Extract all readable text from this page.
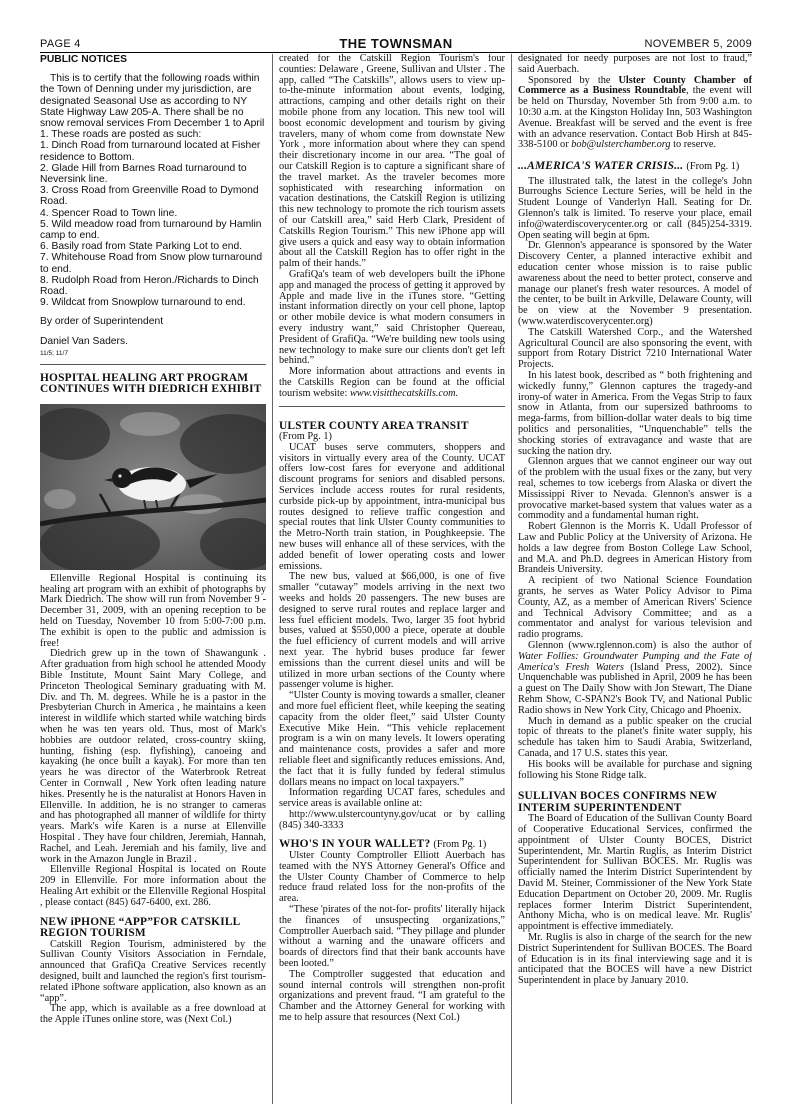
PAGE 4	THE TOWNSMAN	NOVEMBER 5, 2009

PUBLIC NOTICES

This is to certify that the following roads within the Town of Denning under my jurisdiction, are designated Seasonal Use as according to NY State Highway Law 205-A. There shall be no snow removal services From December 1 to April 1. These roads are posted as such:

1. Dinch Road from turnaround located at Fisher residence to Bottom.

2. Glade Hill from Barnes Road turnaround to Neversink line.

3. Cross Road from Greenville Road to Dymond Road.

4. Spencer Road to Town line.

5. Wild meadow road from turnaround by Hamlin camp to end.

6. Basily road from State Parking Lot to end.

7. Whitehouse Road from Snow plow turnaround to end.

8. Rudolph Road from Heron./Richards to Dinch Road.

9. Wildcat from Snowplow turnaround to end.

By order of Superintendent

Daniel Van Saders.

11/5; 11/7

HOSPITAL HEALING ART PROGRAM CONTINUES WITH DIEDRICH EXHIBIT

Ellenville Regional Hospital is continuing its healing art program with an exhibit of photographs by Mark Diedrich. The show will run from November 9 - December 31, 2009, with an opening reception to be held on Tuesday, November 10 from 5:00-7:00 p.m. The exhibit is open to the public and admission is free!

Diedrich grew up in the town of Shawangunk . After graduation from high school he attended Moody Bible Institute, Mount Saint Mary College, and Princeton Theological Seminary graduating with M. Div. and Th. M. degrees. While he is a pastor in the Presbyterian Church in America , he maintains a keen interest in wildlife which started while watching birds when he was ten years old. Thus, most of Mark's hobbies are outdoor related, cross-country skiing, hunting, fishing (esp. flyfishing), canoeing and kayaking (he once built a kayak). For more than ten years he was director of the Waterbrook Retreat Center in Cornwall , New York often leading nature hikes. Presently he is the naturalist at Honors Haven in Ellenville. In addition, he is no stranger to cameras and has photographed all manner of wildlife for thirty years. Mark's wife Karen is a nurse at Ellenville Hospital . They have four children, Jeremiah, Hannah, Rachel, and Leah. Jeremiah and his family, live and work in the Amazon Jungle in Brazil .

Ellenville Regional Hospital is located on Route 209 in Ellenville. For more information about the Healing Art exhibit or the Ellenville Regional Hospital , please contact (845) 647-6400, ext. 286.

NEW iPHONE “APP”FOR CATSKILL REGION TOURISM

Catskill Region Tourism, administered by the Sullivan County Visitors Association in Ferndale, announced that GrafiQa Creative Services recently designed, built and launched the region's first tourism-related iPhone software application, also known as an “app”.

The app, which is available as a free download at the Apple iTunes online store, was (Next Col.)

created for the Catskill Region Tourism's four counties: Delaware , Greene, Sullivan and Ulster . The app, called “The Catskills”, allows users to view up-to-the-minute information about events, lodging, attractions, camping and other details right on their mobile phone from any location. This new tool will boost economic development and tourism by giving travelers, many of whom come from downstate New York , more information about where they can spend their discretionary income in our area. “The goal of our Catskill Region is to capture a significant share of the travel market. As the traveler becomes more sophisticated with researching information on vacation destinations, the Catskill Region is utilizing this new technology to promote the rich tourism assets of our Catskill area,” said Herb Clark, President of Catskills Region Tourism.” This new iPhone app will give users a quick and easy way to obtain information about all the Catskill Region has to offer right in the palm of their hands.”

GrafiQa's team of web developers built the iPhone app and managed the process of getting it approved by Apple and made live in the iTunes store. “Getting instant information directly on your cell phone, laptop or other mobile device is what modern consumers in every industry want,” said Christopher Quereau, President of GrafiQa. “We're building new tools using new technology to make sure our clients don't get left behind.”

More information about attractions and events in the Catskills Region can be found at the official tourism website: www.visitthecatskills.com.

ULSTER COUNTY AREA TRANSIT

(From Pg. 1)

UCAT buses serve commuters, shoppers and visitors in virtually every area of the County. UCAT offers low-cost fares for everyone and additional discount programs for seniors and disabled persons. Services include access routes for rural residents, curbside pick-up by appointment, intra-municipal bus routes designed to relieve traffic congestion and special routes that link Ulster County communities to the Metro-North train station, in Poughkeepsie. The new buses will enhance all of these services, with the added benefit of lower operating costs and lower emissions.

The new bus, valued at $66,000, is one of five smaller “cutaway” models arriving in the next two weeks and holds 20 passengers. The new buses are designed to serve rural routes and replace larger and less fuel efficient models. Two, larger 35 foot hybrid buses, valued at $550,000 a piece, operate at double the fuel efficiency of current models and will arrive next year. The hybrid buses produce far fewer emissions than the current diesel units and will be utilized in more urban sections of the County where passenger volume is higher.

“Ulster County is moving towards a smaller, cleaner and more fuel efficient fleet, while keeping the seating capacity from the older fleet,” said Ulster County Executive Mike Hein. “This vehicle replacement program is a win on many levels. It lowers operating and maintenance costs, provides a safer and more reliable fleet and significantly reduces emissions. And, the fact that it is fully funded by federal stimulus dollars means no impact on local taxpayers.”

Information regarding UCAT fares, schedules and service areas is available online at:

http://www.ulstercountyny.gov/ucat or by calling (845) 340-3333

WHO'S IN YOUR WALLET? (From Pg. 1)

Ulster County Comptroller Elliott Auerbach has teamed with the NYS Attorney General's Office and the Ulster County Chamber of Commerce to help reduce fraud related loss for the non-profits of the area.

“These 'pirates of the not-for- profits' literally hijack the finances of unsuspecting organizations,” Comptroller Auerbach said. “They pillage and plunder without a warning and the unaware officers and boards of directors find that their bank accounts have been looted.”

The Comptroller suggested that education and sound internal controls will strengthen non-profit organizations and prevent fraud. “I am grateful to the Chamber and the Attorney General for working with me to help assure that resources (Next Col.)

designated for needy purposes are not lost to fraud,” said Auerbach.

Sponsored by the Ulster County Chamber of Commerce as a Business Roundtable, the event will be held on Thursday, November 5th from 9:00 a.m. to 10:30 a.m. at the Kingston Holiday Inn, 503 Washington Avenue. Breakfast will be served and the event is free with an advance reservation. Contact Bob Hirsh at 845-338-5100 or bob@ulsterchamber.org to reserve.

...AMERICA'S WATER CRISIS... (From Pg. 1)

The illustrated talk, the latest in the college's John Burroughs Science Lecture Series, will be held in the Student Lounge of Vanderlyn Hall. Seating for Dr. Glennon's talk is limited. To reserve your place, email info@waterdiscoverycenter.org or call (845)254-3319. Open seating will begin at 6pm.

Dr. Glennon's appearance is sponsored by the Water Discovery Center, a planned interactive exhibit and education center whose mission is to raise public awareness about the need to better protect, conserve and manage our planet's fresh water resources. A model of the center, to be built in Arkville, Delaware County, will be on view at the November 9 presentation. (www.waterdiscoverycenter.org)

The Catskill Watershed Corp., and the Watershed Agricultural Council are also sponsoring the event, with support from Rotary District 7210 International Water Projects.

In his latest book, described as “ both frightening and wickedly funny,” Glennon captures the tragedy-and irony-of water in America. From the Vegas Strip to faux snow in Atlanta, from our supersized bathrooms to mega-farms, from billion-dollar water deals to big time politics and personalities, “Unquenchable” tells the shocking stories of extravagance and waste that are sucking the nation dry.

Glennon argues that we cannot engineer our way out of the problem with the usual fixes or the zany, but very real, schemes to tow icebergs from Alaska or divert the Mississippi River to Nevada. Glennon's answer is a provocative market-based system that values water as a commodity and a fundamental human right.

Robert Glennon is the Morris K. Udall Professor of Law and Public Policy at the University of Arizona. He holds a law degree from Boston College Law School, and M.A. and Ph.D. degrees in American History from Brandeis University.

A recipient of two National Science Foundation grants, he serves as Water Policy Advisor to Pima County, AZ, as a member of American Rivers' Science and Technical Advisory Committee; and as a commentator and analyst for various television and radio programs.

Glennon (www.rglennon.com) is also the author of Water Follies: Groundwater Pumping and the Fate of America's Fresh Waters (Island Press, 2002). Since Unquenchable was published in April, 2009 he has been a guest on The Daily Show with Jon Stewart, The Diane Rehm Show, C-SPAN2's Book TV, and National Public Radio shows in New York City, Chicago and Phoenix.

Much in demand as a public speaker on the crucial topic of threats to the planet's finite water supply, his schedule has taken him to Saudi Arabia, Switzerland, Canada, and 17 U.S. states this year.

His books will be available for purchase and signing following his Stone Ridge talk.

SULLIVAN BOCES CONFIRMS NEW INTERIM SUPERINTENDENT

The Board of Education of the Sullivan County Board of Cooperative Educational Services, confirmed the appointment of Ulster County BOCES, District Superintendent, Mr. Martin Ruglis, as Interim District Superintendent for Sullivan BOCES. Mr. Ruglis was officially named the Interim District Superintendent by David M. Steiner, Commissioner of the New York State Education Department on October 20, 2009. Mr. Ruglis replaces former Interim District Superintendent, Anthony Micha, who is on medical leave. Mr. Ruglis' appointment is effective immediately.

Mr. Ruglis is also in charge of the search for the new District Superintendent for Sullivan BOCES. The Board of Education is in its final interviewing sage and it is anticipated that the BOCES will have a new District Superintendent in place by January 2010.
